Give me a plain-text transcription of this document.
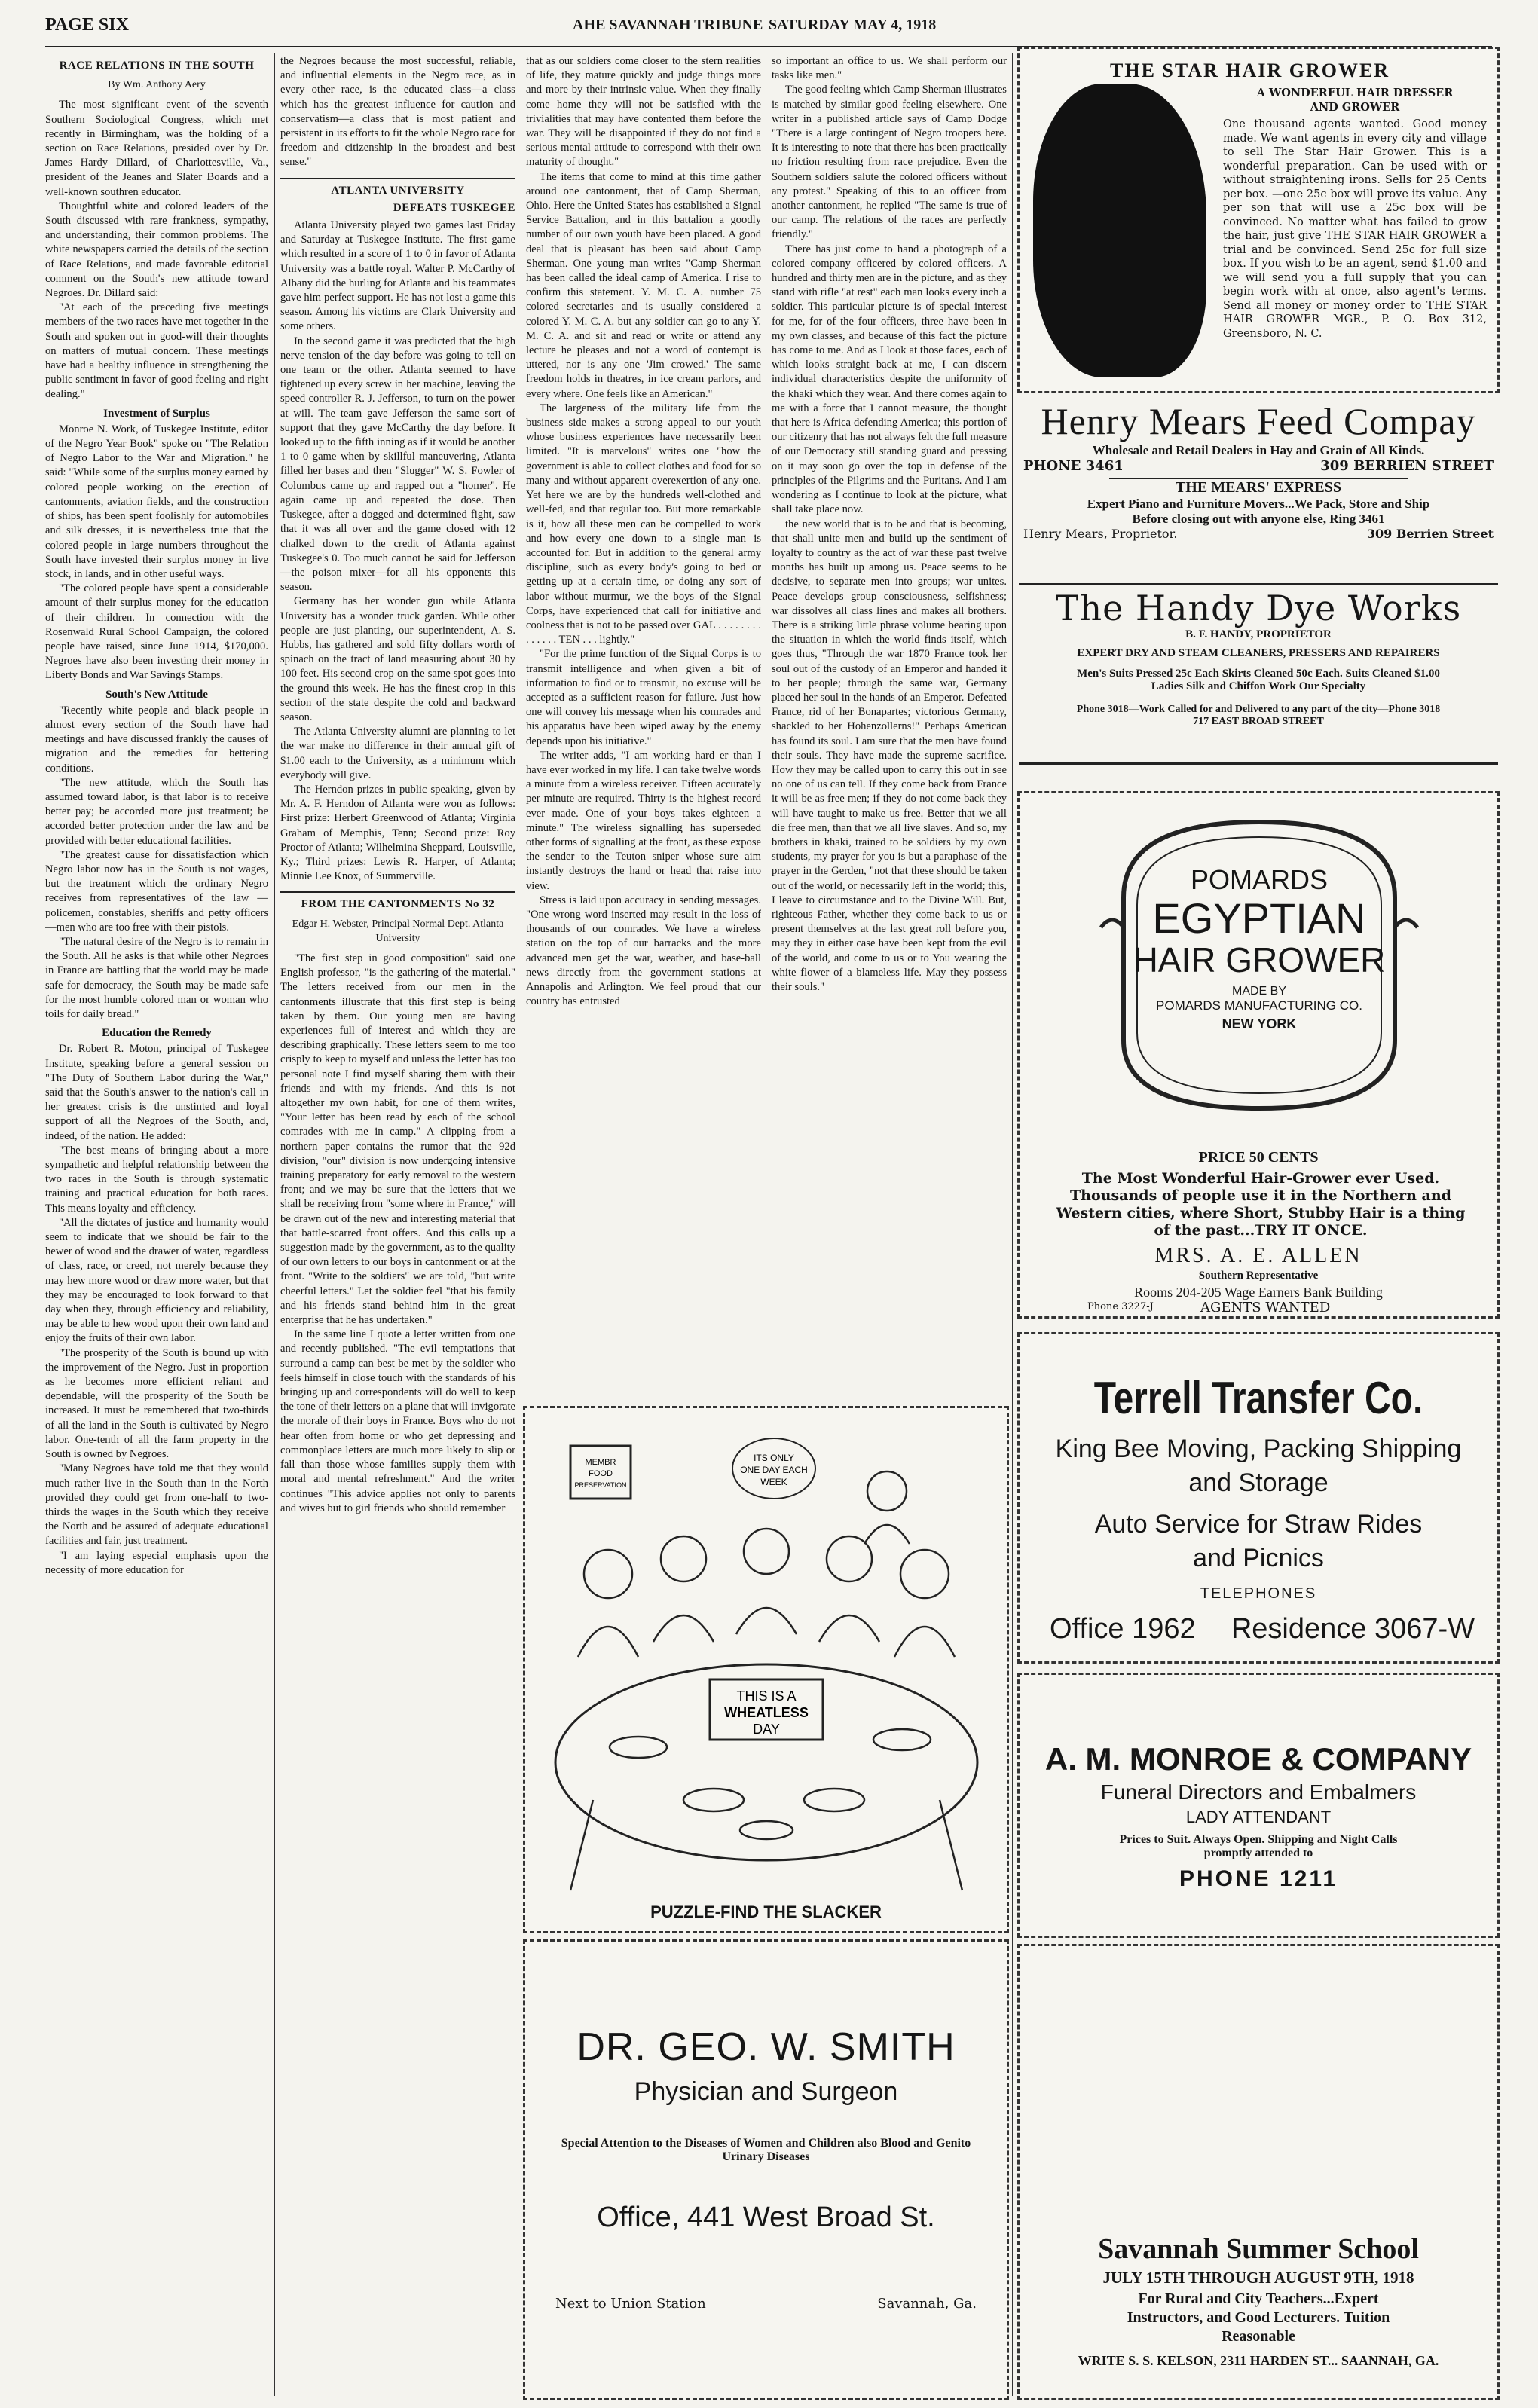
PAGE SIX	AHE SAVANNAH TRIBUNE SATURDAY MAY 4, 1918
RACE RELATIONS IN THE SOUTH
By Wm. Anthony Aery

The most significant event of the seventh Southern Sociological Congress, which met recently in Birmingham, was the holding of a section on Race Relations, presided over by Dr. James Hardy Dillard, of Charlottesville, Va., president of the Jeanes and Slater Boards and a well-known southren educator.

Thoughtful white and colored leaders of the South discussed with rare frankness, sympathy, and understanding, their common problems. The white newspapers carried the details of the section of Race Relations, and made favorable editorial comment on the South's new attitude toward Negroes. Dr. Dillard said:

"At each of the preceding five meetings members of the two races have met together in the South and spoken out in good-will their thoughts on matters of mutual concern. These meetings have had a healthy influence in strengthening the public sentiment in favor of good feeling and right dealing."

Investment of Surplus

Monroe N. Work, of Tuskegee Institute, editor of the Negro Year Book" spoke on "The Relation of Negro Labor to the War and Migration." he said: "While some of the surplus money earned by colored people working on the erection of cantonments, aviation fields, and the construction of ships, has been spent foolishly for automobiles and silk dresses, it is nevertheless true that the colored people in large numbers throughout the South have invested their surplus money in live stock, in lands, and in other useful ways.

"The colored people have spent a considerable amount of their surplus money for the education of their children. In connection with the Rosenwald Rural School Campaign, the colored people have raised, since June 1914, $170,000. Negroes have also been investing their money in Liberty Bonds and War Savings Stamps.

South's New Attitude

"Recently white people and black people in almost every section of the South have had meetings and have discussed frankly the causes of migration and the remedies for bettering conditions.

"The new attitude, which the South has assumed toward labor, is that labor is to receive better pay; be accorded more just treatment; be accorded better protection under the law and be provided with better educational facilities.

"The greatest cause for dissatisfaction which Negro labor now has in the South is not wages, but the treatment which the ordinary Negro receives from representatives of the law —policemen, constables, sheriffs and petty officers—men who are too free with their pistols.

"The natural desire of the Negro is to remain in the South. All he asks is that while other Negroes in France are battling that the world may be made safe for democracy, the South may be made safe for the most humble colored man or woman who toils for daily bread."

Education the Remedy

Dr. Robert R. Moton, principal of Tuskegee Institute, speaking before a general session on "The Duty of Southern Labor during the War," said that the South's answer to the nation's call in her greatest crisis is the unstinted and loyal support of all the Negroes of the South, and, indeed, of the nation. He added:

"The best means of bringing about a more sympathetic and helpful relationship between the two races in the South is through systematic training and practical education for both races. This means loyalty and efficiency.

"All the dictates of justice and humanity would seem to indicate that we should be fair to the hewer of wood and the drawer of water, regardless of class, race, or creed, not merely because they may hew more wood or draw more water, but that they may be encouraged to look forward to that day when they, through efficiency and reliability, may be able to hew wood upon their own land and enjoy the fruits of their own labor.

"The prosperity of the South is bound up with the improvement of the Negro. Just in proportion as he becomes more efficient reliant and dependable, will the prosperity of the South be increased. It must be remembered that two-thirds of all the land in the South is cultivated by Negro labor. One-tenth of all the farm property in the South is owned by Negroes.

"Many Negroes have told me that they would much rather live in the South than in the North provided they could get from one-half to two-thirds the wages in the South which they receive the North and be assured of adequate educational facilities and fair, just treatment.

"I am laying especial emphasis upon the necessity of more education for

the Negroes because the most successful, reliable, and influential elements in the Negro race, as in every other race, is the educated class—a class which has the greatest influence for caution and conservatism—a class that is most patient and persistent in its efforts to fit the whole Negro race for freedom and citizenship in the broadest and best sense."

ATLANTA UNIVERSITY
DEFEATS TUSKEGEE

Atlanta University played two games last Friday and Saturday at Tuskegee Institute. The first game which resulted in a score of 1 to 0 in favor of Atlanta University was a battle royal. Walter P. McCarthy of Albany did the hurling for Atlanta and his teammates gave him perfect support. He has not lost a game this season. Among his victims are Clark University and some others.

In the second game it was predicted that the high nerve tension of the day before was going to tell on one team or the other. Atlanta seemed to have tightened up every screw in her machine, leaving the speed controller R. J. Jefferson, to turn on the power at will. The team gave Jefferson the same sort of support that they gave McCarthy the day before. It looked up to the fifth inning as if it would be another 1 to 0 game when by skillful maneuvering, Atlanta filled her bases and then "Slugger" W. S. Fowler of Columbus came up and rapped out a "homer". He again came up and repeated the dose. Then Tuskegee, after a dogged and determined fight, saw that it was all over and the game closed with 12 chalked down to the credit of Atlanta against Tuskegee's 0. Too much cannot be said for Jefferson—the poison mixer—for all his opponents this season.

Germany has her wonder gun while Atlanta University has a wonder truck garden. While other people are just planting, our superintendent, A. S. Hubbs, has gathered and sold fifty dollars worth of spinach on the tract of land measuring about 30 by 100 feet. His second crop on the same spot goes into the ground this week. He has the finest crop in this section of the state despite the cold and backward season.

The Atlanta University alumni are planning to let the war make no difference in their annual gift of $1.00 each to the University, as a minimum which everybody will give.

The Herndon prizes in public speaking, given by Mr. A. F. Herndon of Atlanta were won as follows: First prize: Herbert Greenwood of Atlanta; Virginia Graham of Memphis, Tenn; Second prize: Roy Proctor of Atlanta; Wilhelmina Sheppard, Louisville, Ky.; Third prizes: Lewis R. Harper, of Atlanta; Minnie Lee Knox, of Summerville.

FROM THE CANTONMENTS No 32
Edgar H. Webster, Principal Normal Dept. Atlanta University

"The first step in good composition" said one English professor, "is the gathering of the material." The letters received from our men in the cantonments illustrate that this first step is being taken by them. Our young men are having experiences full of interest and which they are describing graphically. These letters seem to me too crisply to keep to myself and unless the letter has too personal note I find myself sharing them with their friends and with my friends. And this is not altogether my own habit, for one of them writes, "Your letter has been read by each of the school comrades with me in camp." A clipping from a northern paper contains the rumor that the 92d division, "our" division is now undergoing intensive training preparatory for early removal to the western front; and we may be sure that the letters that we shall be receiving from "some where in France," will be drawn out of the new and interesting material that that battle-scarred front offers. And this calls up a suggestion made by the government, as to the quality of our own letters to our boys in cantonment or at the front. "Write to the soldiers" we are told, "but write cheerful letters." Let the soldier feel "that his family and his friends stand behind him in the great enterprise that he has undertaken."

In the same line I quote a letter written from one and recently published. "The evil temptations that surround a camp can best be met by the soldier who feels himself in close touch with the standards of his bringing up and correspondents will do well to keep the tone of their letters on a plane that will invigorate the morale of their boys in France. Boys who do not hear often from home or who get depressing and commonplace letters are much more likely to slip or fall than those whose families supply them with moral and mental refreshment." And the writer continues "This advice applies not only to parents and wives but to girl friends who should remember

that as our soldiers come closer to the stern realities of life, they mature quickly and judge things more and more by their intrinsic value. When they finally come home they will not be satisfied with the trivialities that may have contented them before the war. They will be disappointed if they do not find a serious mental attitude to correspond with their own maturity of thought."

The items that come to mind at this time gather around one cantonment, that of Camp Sherman, Ohio. Here the United States has established a Signal Service Battalion, and in this battalion a goodly number of our own youth have been placed. A good deal that is pleasant has been said about Camp Sherman. One young man writes "Camp Sherman has been called the ideal camp of America. I rise to confirm this statement. Y. M. C. A. number 75 colored secretaries and is usually considered a colored Y. M. C. A. but any soldier can go to any Y. M. C. A. and sit and read or write or attend any lecture he pleases and not a word of contempt is uttered, nor is any one 'Jim crowed.' The same freedom holds in theatres, in ice cream parlors, and every where. One feels like an American."

The largeness of the military life from the business side makes a strong appeal to our youth whose business experiences have necessarily been limited. "It is marvelous" writes one "how the government is able to collect clothes and food for so many and without apparent overexertion of any one. Yet here we are by the hundreds well-clothed and well-fed, and that regular too. But more remarkable is it, how all these men can be compelled to work and how every one down to a single man is accounted for. But in addition to the general army discipline, such as every body's going to bed or getting up at a certain time, or doing any sort of labor without murmur, we the boys of the Signal Corps, have experienced that call for initiative and coolness that is not to be passed over GAL . . . . . . . . . . . . . . TEN . . . lightly."

"For the prime function of the Signal Corps is to transmit intelligence and when given a bit of information to find or to transmit, no excuse will be accepted as a sufficient reason for failure. Just how one will convey his message when his comrades and his apparatus have been wiped away by the enemy depends upon his initiative."

The writer adds, "I am working hard er than I have ever worked in my life. I can take twelve words a minute from a wireless receiver. Fifteen accurately per minute are required. Thirty is the highest record ever made. One of your boys takes eighteen a minute." The wireless signalling has superseded other forms of signalling at the front, as these expose the sender to the Teuton sniper whose sure aim instantly destroys the hand or head that raise into view.

Stress is laid upon accuracy in sending messages. "One wrong word inserted may result in the loss of thousands of our comrades. We have a wireless station on the top of our barracks and the more advanced men get the war, weather, and base-ball news directly from the government stations at Annapolis and Arlington. We feel proud that our country has entrusted

so important an office to us. We shall perform our tasks like men."

The good feeling which Camp Sherman illustrates is matched by similar good feeling elsewhere. One writer in a published article says of Camp Dodge "There is a large contingent of Negro troopers here. It is interesting to note that there has been practically no friction resulting from race prejudice. Even the Southern soldiers salute the colored officers without any protest." Speaking of this to an officer from another cantonment, he replied "The same is true of our camp. The relations of the races are perfectly friendly."

There has just come to hand a photograph of a colored company officered by colored officers. A hundred and thirty men are in the picture, and as they stand with rifle "at rest" each man looks every inch a soldier. This particular picture is of special interest for me, for of the four officers, three have been in my own classes, and because of this fact the picture has come to me. And as I look at those faces, each of which looks straight back at me, I can discern individual characteristics despite the uniformity of the khaki which they wear. And there comes again to me with a force that I cannot measure, the thought that here is Africa defending America; this portion of our citizenry that has not always felt the full measure of our Democracy still standing guard and pressing on it may soon go over the top in defense of the principles of the Pilgrims and the Puritans. And I am wondering as I continue to look at the picture, what shall take place now.

the new world that is to be and that is becoming, that shall unite men and build up the sentiment of loyalty to country as the act of war these past twelve months has built up among us. Peace seems to be decisive, to separate men into groups; war unites. Peace develops group consciousness, selfishness; war dissolves all class lines and makes all brothers. There is a striking little phrase volume bearing upon the situation in which the world finds itself, which goes thus, "Through the war 1870 France took her soul out of the custody of an Emperor and handed it to her people; through the same war, Germany placed her soul in the hands of an Emperor. Defeated France, rid of her Bonapartes; victorious Germany, shackled to her Hohenzollerns!" Perhaps American has found its soul. I am sure that the men have found their souls. They have made the supreme sacrifice. How they may be called upon to carry this out in see no one of us can tell. If they come back from France it will be as free men; if they do not come back they will have taught to make us free. Better that we all die free men, than that we all live slaves. And so, my brothers in khaki, trained to be soldiers by my own students, my prayer for you is but a paraphase of the prayer in the Gerden, "not that these should be taken out of the world, or necessarily left in the world; this, I leave to circumstance and to the Divine Will. But, righteous Father, whether they come back to us or present themselves at the last great roll before you, may they in either case have been kept from the evil of the world, and come to us or to You wearing the white flower of a blameless life. May they possess their souls."

MEMBR
FOOD
PRESERVATION
ITS ONLY
ONE DAY EACH
WEEK
THIS IS A
WHEATLESS
DAY
PUZZLE-FIND THE SLACKER
DR. GEO. W. SMITH
Physician and Surgeon
Special Attention to the Diseases of Women and Children also Blood and Genito Urinary Diseases
Office, 441 West Broad St.
Next to Union Station	Savannah, Ga.
THE STAR HAIR GROWER
A WONDERFUL HAIR DRESSER
AND GROWER
One thousand agents wanted. Good money made. We want agents in every city and village to sell The Star Hair Grower. This is a wonderful preparation. Can be used with or without straightening irons. Sells for 25 Cents per box. —one 25c box will prove its value. Any per son that will use a 25c box will be convinced. No matter what has failed to grow the hair, just give THE STAR HAIR GROWER a trial and be convinced. Send 25c for full size box. If you wish to be an agent, send $1.00 and we will send you a full supply that you can begin work with at once, also agent's terms. Send all money or money order to THE STAR HAIR GROWER MGR., P. O. Box 312, Greensboro, N. C.
Henry Mears Feed Compay
Wholesale and Retail Dealers in Hay and Grain of All Kinds.
PHONE 3461	309 BERRIEN STREET
THE MEARS' EXPRESS
Expert Piano and Furniture Movers...We Pack, Store and Ship
Before closing out with anyone else, Ring 3461
Henry Mears, Proprietor.	309 Berrien Street
The Handy Dye Works
B. F. HANDY, PROPRIETOR
EXPERT DRY AND STEAM CLEANERS, PRESSERS AND REPAIRERS
Men's Suits Pressed 25c Each Skirts Cleaned 50c Each. Suits Cleaned $1.00
Ladies Silk and Chiffon Work Our Specialty
Phone 3018—Work Called for and Delivered to any part of the city—Phone 3018
717 EAST BROAD STREET
POMARDS
EGYPTIAN
HAIR GROWER
MADE BY
POMARDS MANUFACTURING CO.
NEW YORK
PRICE 50 CENTS
The Most Wonderful Hair-Grower ever Used.
Thousands of people use it in the Northern and
Western cities, where Short, Stubby Hair is a thing
of the past...TRY IT ONCE.
MRS. A. E. ALLEN
Southern Representative
Rooms 204-205 Wage Earners Bank Building
Phone 3227-J	AGENTS WANTED
Terrell Transfer Co.
King Bee Moving, Packing Shipping
and Storage
Auto Service for Straw Rides
and Picnics
TELEPHONES
Office 1962 Residence 3067-W
A. M. MONROE & COMPANY
Funeral Directors and Embalmers
LADY ATTENDANT
Prices to Suit. Always Open. Shipping and Night Calls promptly attended to
PHONE 1211
Savannah Summer School
JULY 15TH THROUGH AUGUST 9TH, 1918
For Rural and City Teachers...Expert
Instructors, and Good Lecturers. Tuition
Reasonable
WRITE S. S. KELSON, 2311 HARDEN ST... SAANNAH, GA.
